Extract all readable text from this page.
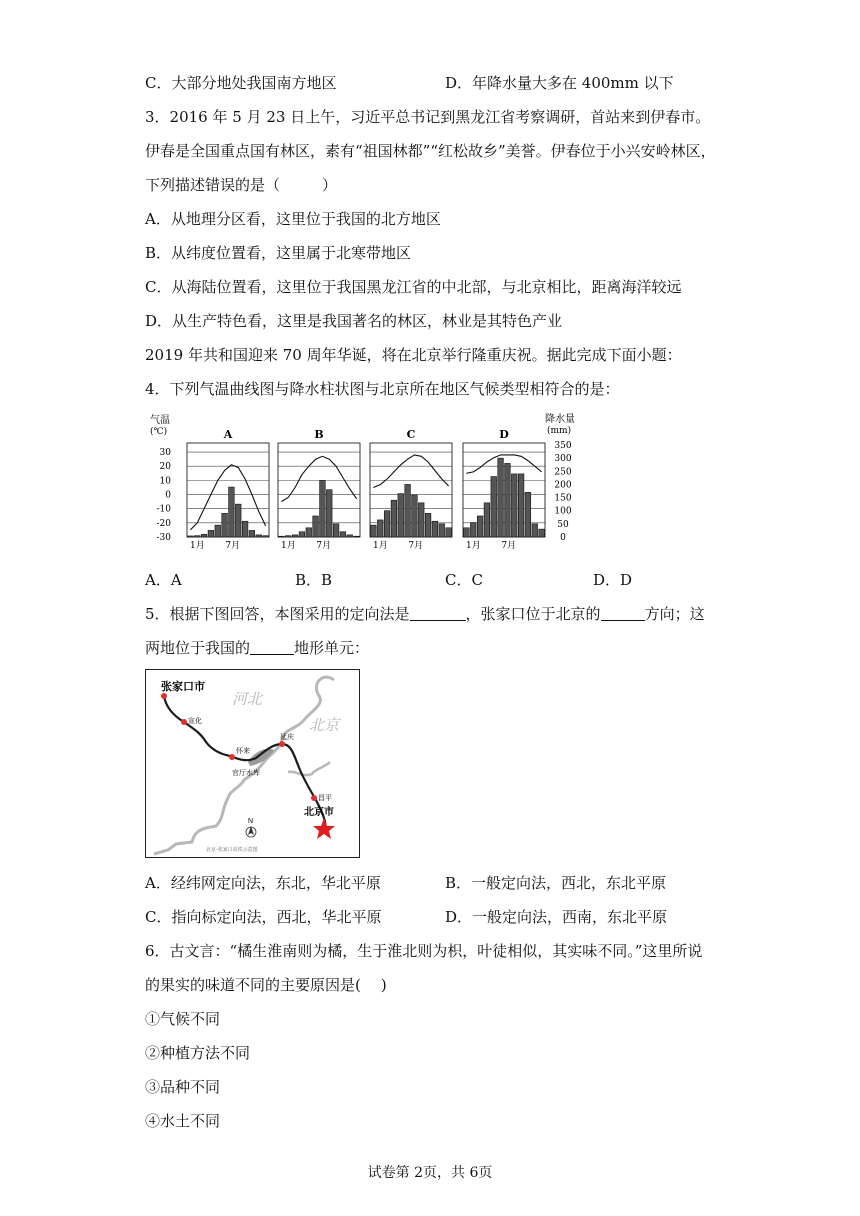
C．大部分地处我国南方地区	D．年降水量大多在 400mm 以下
3．2016 年 5 月 23 日上午，习近平总书记到黑龙江省考察调研，首站来到伊春市。
伊春是全国重点国有林区，素有“祖国林都”“红松故乡”美誉。伊春位于小兴安岭林区，
下列描述错误的是（	）
A．从地理分区看，这里位于我国的北方地区
B．从纬度位置看，这里属于北寒带地区
C．从海陆位置看，这里位于我国黑龙江省的中北部，与北京相比，距离海洋较远
D．从生产特色看，这里是我国著名的林区，林业是其特色产业
2019 年共和国迎来 70 周年华诞，将在北京举行隆重庆祝。据此完成下面小题：
4．下列气温曲线图与降水柱状图与北京所在地区气候类型相符合的是：
气温
(℃)
降水量
(mm)
30
20
10
0
-10
-20
-30
350
300
250
200
150
100
50
0
A
1月 7月
B
1月 7月
C
1月 7月
D
1月 7月
A．A	B．B	C．C	D．D
5．根据下图回答，本图采用的定向法是	，张家口位于北京的	方向；这
两地位于我国的	地形单元：
张家口市
河北
北京
宣化
怀来
延庆
官厅水库
昌平
北京市
N
北京-张家口高铁示意图
A．经纬网定向法，东北，华北平原	B．一般定向法，西北，东北平原
C．指向标定向法，西北，华北平原	D．一般定向法，西南，东北平原
6．古文言：“橘生淮南则为橘，生于淮北则为枳，叶徒相似，其实味不同。”这里所说
的果实的味道不同的主要原因是( )
①气候不同
②种植方法不同
③品种不同
④水土不同
试卷第 2页，共 6页
